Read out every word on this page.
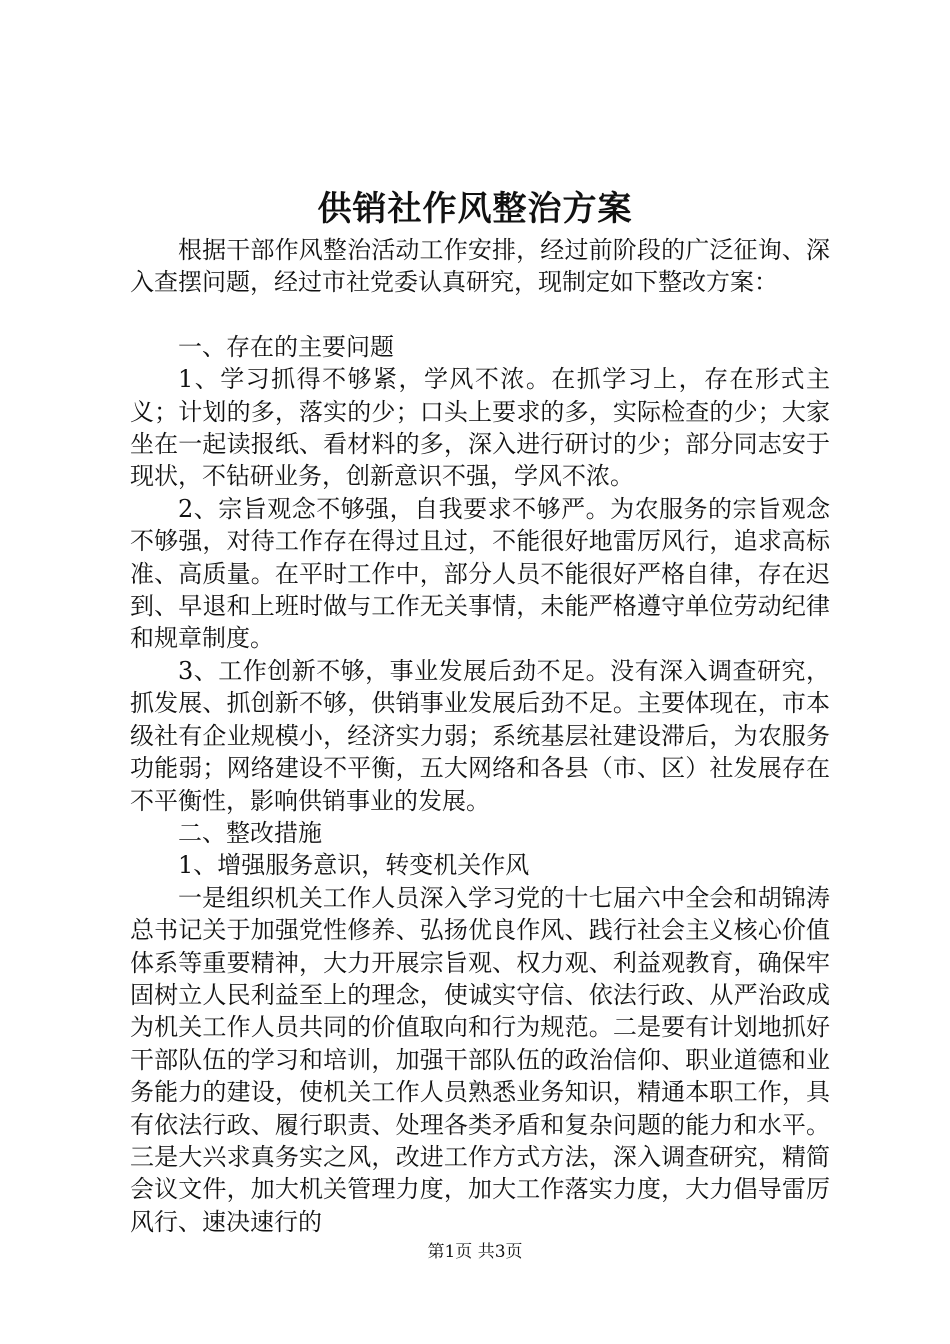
供销社作风整治方案

根据干部作风整治活动工作安排，经过前阶段的广泛征询、深入查摆问题，经过市社党委认真研究，现制定如下整改方案：

一、存在的主要问题

1、学习抓得不够紧，学风不浓。在抓学习上，存在形式主义；计划的多，落实的少；口头上要求的多，实际检查的少；大家坐在一起读报纸、看材料的多，深入进行研讨的少；部分同志安于现状，不钻研业务，创新意识不强，学风不浓。

2、宗旨观念不够强，自我要求不够严。为农服务的宗旨观念不够强，对待工作存在得过且过，不能很好地雷厉风行，追求高标准、高质量。在平时工作中，部分人员不能很好严格自律，存在迟到、早退和上班时做与工作无关事情，未能严格遵守单位劳动纪律和规章制度。

3、工作创新不够，事业发展后劲不足。没有深入调查研究，抓发展、抓创新不够，供销事业发展后劲不足。主要体现在，市本级社有企业规模小，经济实力弱；系统基层社建设滞后，为农服务功能弱；网络建设不平衡，五大网络和各县（市、区）社发展存在不平衡性，影响供销事业的发展。

二、整改措施

1、增强服务意识，转变机关作风

一是组织机关工作人员深入学习党的十七届六中全会和胡锦涛总书记关于加强党性修养、弘扬优良作风、践行社会主义核心价值体系等重要精神，大力开展宗旨观、权力观、利益观教育，确保牢固树立人民利益至上的理念，使诚实守信、依法行政、从严治政成为机关工作人员共同的价值取向和行为规范。二是要有计划地抓好干部队伍的学习和培训，加强干部队伍的政治信仰、职业道德和业务能力的建设，使机关工作人员熟悉业务知识，精通本职工作，具有依法行政、履行职责、处理各类矛盾和复杂问题的能力和水平。三是大兴求真务实之风，改进工作方式方法，深入调查研究，精简会议文件，加大机关管理力度，加大工作落实力度，大力倡导雷厉风行、速决速行的

第1页 共3页
